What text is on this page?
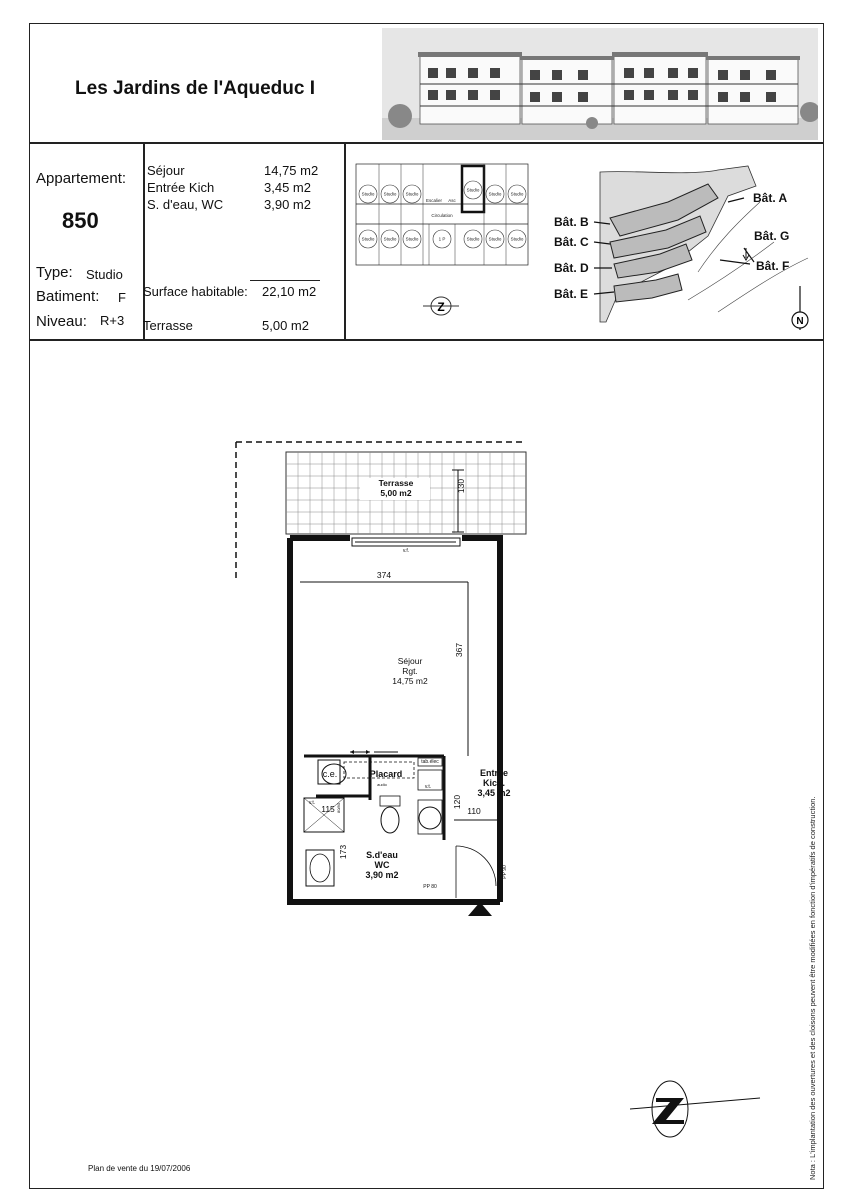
Les Jardins de l'Aqueduc I
Appartement:
850
Type: Studio
Batiment: F
Niveau: R+3
Séjour	14,75 m2
Entrée Kich	3,45 m2
S. d'eau, WC	3,90 m2
Surface habitable: 22,10 m2
Terrasse	5,00 m2
Studio Studio Studio
Studio
Studio Studio
Escalier Asc
Circulation
Studio Studio Studio	1 P	Studio Studio Studio
Z
Bât. A
Bât. B
Bât. C	Bât. G
Bât. D	Bât. F
Bât. E
N
Terrasse
5,00 m2
v.f.
374
367
130
Séjour
Rgt.
14,75 m2
tab.élec
c.e.	Placard
audio
Entrée
Kich.
3,45 m2
120
110
v.t.
v.t.
115 80/80
173 S.d'eau
WC
3,90 m2
PP 80
PP 90	Nota : L'implantation des ouvertures et des cloisons peuvent être modifiées en fonction d'impératifs de construction.
Plan de vente du 19/07/2006
